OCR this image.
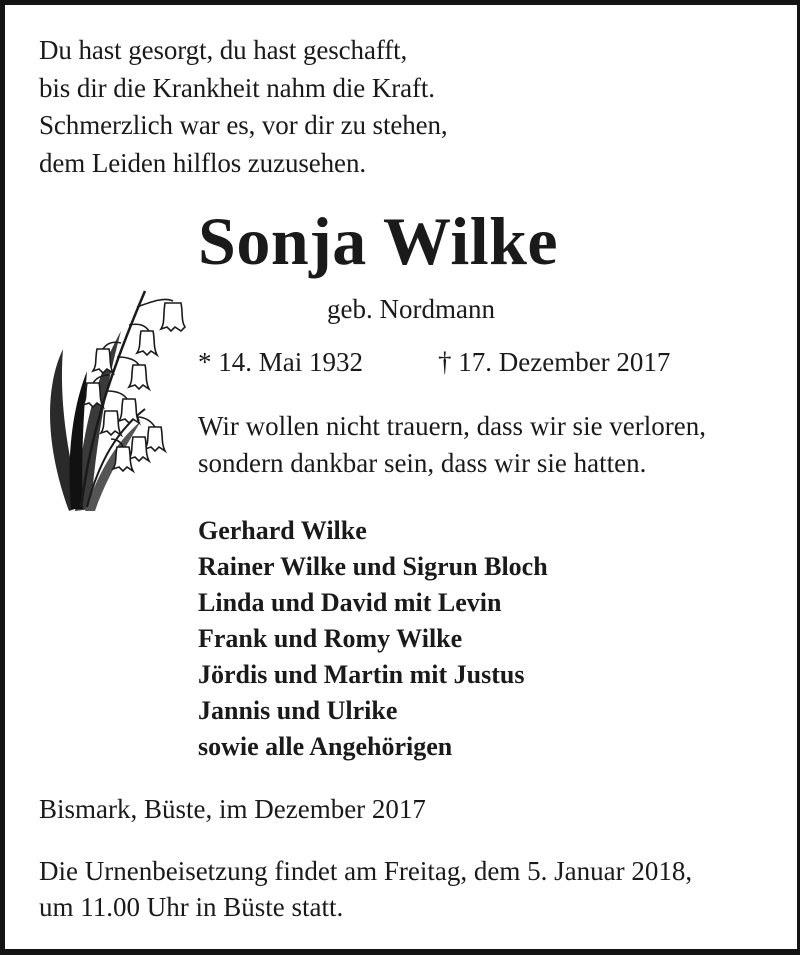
Du hast gesorgt, du hast geschafft,
bis dir die Krankheit nahm die Kraft.
Schmerzlich war es, vor dir zu stehen,
dem Leiden hilflos zuzusehen.
Sonja Wilke
geb. Nordmann
* 14. Mai 1932	† 17. Dezember 2017
Wir wollen nicht trauern, dass wir sie verloren,
sondern dankbar sein, dass wir sie hatten.
Gerhard Wilke
Rainer Wilke und Sigrun Bloch
Linda und David mit Levin
Frank und Romy Wilke
Jördis und Martin mit Justus
Jannis und Ulrike
sowie alle Angehörigen
Bismark, Büste, im Dezember 2017
Die Urnenbeisetzung findet am Freitag, dem 5. Januar 2018,
um 11.00 Uhr in Büste statt.
